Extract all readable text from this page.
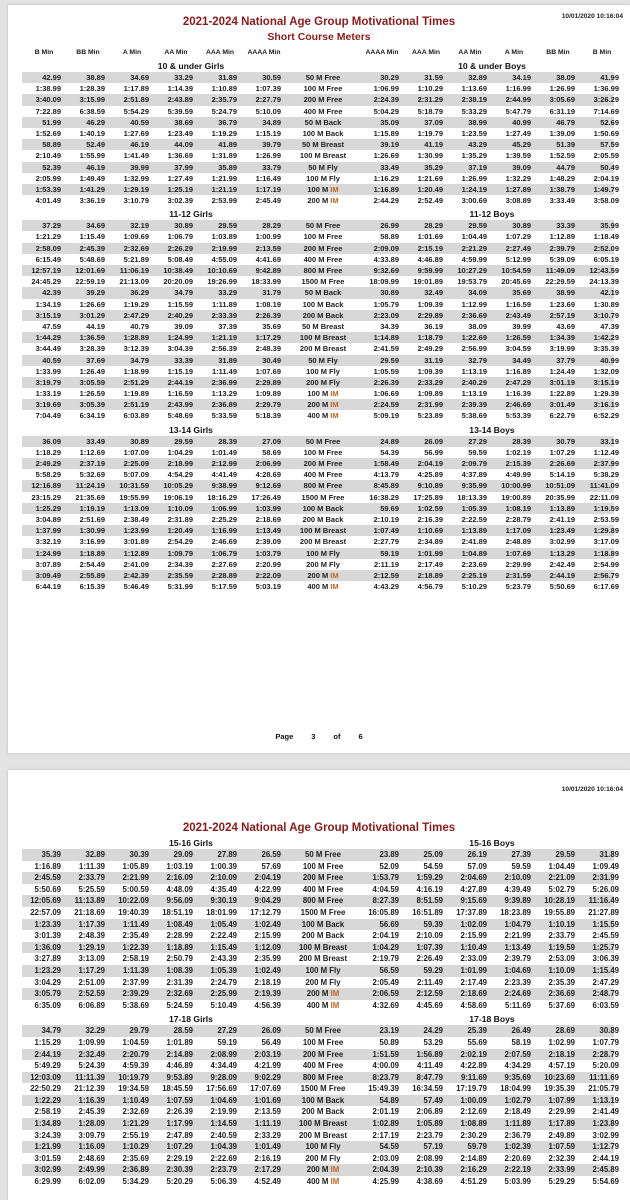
10/01/2020 10:16:04
2021-2024 National Age Group Motivational Times
Short Course Meters
B Min	BB Min	A Min	AA Min	AAA Min	AAAA Min	AAAA Min	AAA Min	AA Min	A Min	BB Min	B Min
10 & under Girls	10 & under Boys
42.99	38.89	34.69	33.29	31.89	30.59	50 M Free	30.29	31.59	32.89	34.19	38.09	41.99
1:38.99	1:28.39	1:17.89	1:14.39	1:10.89	1:07.39	100 M Free	1:06.99	1:10.29	1:13.69	1:16.99	1:26.99	1:36.99
3:40.09	3:15.99	2:51.89	2:43.89	2:35.79	2:27.79	200 M Free	2:24.39	2:31.29	2:38.19	2:44.99	3:05.69	3:26.29
7:22.89	6:38.59	5:54.29	5:39.59	5:24.79	5:10.09	400 M Free	5:04.29	5:18.79	5:33.29	5:47.79	6:31.19	7:14.69
51.99	46.29	40.59	38.69	36.79	34.89	50 M Back	35.09	37.09	38.99	40.99	46.79	52.69
1:52.69	1:40.19	1:27.69	1:23.49	1:19.29	1:15.19	100 M Back	1:15.89	1:19.79	1:23.59	1:27.49	1:39.09	1:50.69
58.89	52.49	46.19	44.09	41.89	39.79	50 M Breast	39.19	41.19	43.29	45.29	51.39	57.59
2:10.49	1:55.99	1:41.49	1:36.69	1:31.89	1:26.99	100 M Breast	1:26.69	1:30.99	1:35.29	1:39.59	1:52.59	2:05.59
52.39	46.19	39.99	37.99	35.89	33.79	50 M Fly	33.49	35.29	37.19	39.09	44.79	50.49
2:05.99	1:49.49	1:32.99	1:27.49	1:21.99	1:16.49	100 M Fly	1:16.29	1:21.69	1:26.99	1:32.29	1:48.29	2:04.19
1:53.39	1:41.29	1:29.19	1:25.19	1:21.19	1:17.19	100 M IM	1:16.89	1:20.49	1:24.19	1:27.89	1:38.79	1:49.79
4:01.49	3:36.19	3:10.79	3:02.39	2:53.99	2:45.49	200 M IM	2:44.29	2:52.49	3:00.69	3:08.89	3:33.49	3:58.09
11-12 Girls	11-12 Boys
37.29	34.69	32.19	30.89	29.59	28.29	50 M Free	26.99	28.29	29.59	30.89	33.39	35.99
1:21.29	1:15.49	1:09.69	1:06.79	1:03.89	1:00.99	100 M Free	58.89	1:01.69	1:04.49	1:07.29	1:12.89	1:18.49
2:58.09	2:45.39	2:32.69	2:26.29	2:19.99	2:13.59	200 M Free	2:09.09	2:15.19	2:21.29	2:27.49	2:39.79	2:52.09
6:15.49	5:48.69	5:21.89	5:08.49	4:55.09	4:41.69	400 M Free	4:33.89	4:46.89	4:59.99	5:12.99	5:39.09	6:05.19
12:57.19	12:01.69	11:06.19	10:38.49	10:10.69	9:42.89	800 M Free	9:32.69	9:59.99	10:27.29	10:54.59	11:49.09	12:43.59
24:45.29	22:59.19	21:13.09	20:20.09	19:26.99	18:33.99	1500 M Free	18:09.99	19:01.89	19:53.79	20:45.69	22:29.59	24:13.39
42.39	39.29	36.29	34.79	33.29	31.79	50 M Back	30.89	32.49	34.09	35.69	38.99	42.19
1:34.19	1:26.69	1:19.29	1:15.59	1:11.89	1:08.19	100 M Back	1:05.79	1:09.39	1:12.99	1:16.59	1:23.69	1:30.89
3:15.19	3:01.29	2:47.29	2:40.29	2:33.39	2:26.39	200 M Back	2:23.09	2:29.89	2:36.69	2:43.49	2:57.19	3:10.79
47.59	44.19	40.79	39.09	37.39	35.69	50 M Breast	34.39	36.19	38.09	39.99	43.69	47.39
1:44.29	1:36.59	1:28.89	1:24.99	1:21.19	1:17.29	100 M Breast	1:14.89	1:18.79	1:22.69	1:26.59	1:34.39	1:42.29
3:44.49	3:28.39	3:12.39	3:04.39	2:56.39	2:48.39	200 M Breast	2:41.59	2:49.29	2:56.99	3:04.59	3:19.99	3:35.39
40.59	37.69	34.79	33.39	31.89	30.49	50 M Fly	29.59	31.19	32.79	34.49	37.79	40.99
1:33.99	1:26.49	1:18.99	1:15.19	1:11.49	1:07.69	100 M Fly	1:05.59	1:09.39	1:13.19	1:16.89	1:24.49	1:32.09
3:19.79	3:05.59	2:51.29	2:44.19	2:36.99	2:29.89	200 M Fly	2:26.39	2:33.29	2:40.29	2:47.29	3:01.19	3:15.19
1:33.19	1:26.59	1:19.89	1:16.59	1:13.29	1:09.89	100 M IM	1:06.69	1:09.89	1:13.19	1:16.39	1:22.89	1:29.39
3:19.69	3:05.39	2:51.19	2:43.99	2:36.89	2:29.79	200 M IM	2:24.59	2:31.99	2:39.39	2:46.69	3:01.49	3:16.19
7:04.49	6:34.19	6:03.89	5:48.69	5:33.59	5:18.39	400 M IM	5:09.19	5:23.89	5:38.69	5:53.39	6:22.79	6:52.29
13-14 Girls	13-14 Boys
36.09	33.49	30.89	29.59	28.39	27.09	50 M Free	24.89	26.09	27.29	28.39	30.79	33.19
1:18.29	1:12.69	1:07.09	1:04.29	1:01.49	58.69	100 M Free	54.39	56.99	59.59	1:02.19	1:07.29	1:12.49
2:49.29	2:37.19	2:25.09	2:18.99	2:12.99	2:06.99	200 M Free	1:58.49	2:04.19	2:09.79	2:15.39	2:26.69	2:37.99
5:58.29	5:32.69	5:07.09	4:54.29	4:41.49	4:28.69	400 M Free	4:13.79	4:25.89	4:37.89	4:49.99	5:14.19	5:38.29
12:16.89	11:24.19	10:31.59	10:05.29	9:38.99	9:12.69	800 M Free	8:45.89	9:10.89	9:35.99	10:00.99	10:51.09	11:41.09
23:15.29	21:35.69	19:55.99	19:06.19	18:16.29	17:26.49	1500 M Free	16:38.29	17:25.89	18:13.39	19:00.89	20:35.99	22:11.09
1:25.29	1:19.19	1:13.09	1:10.09	1:06.99	1:03.99	100 M Back	59.69	1:02.59	1:05.39	1:08.19	1:13.89	1:19.59
3:04.89	2:51.69	2:38.49	2:31.89	2:25.29	2:18.69	200 M Back	2:10.19	2:16.39	2:22.59	2:28.79	2:41.19	2:53.59
1:37.99	1:30.99	1:23.99	1:20.49	1:16.99	1:13.49	100 M Breast	1:07.49	1:10.69	1:13.89	1:17.09	1:23.49	1:29.89
3:32.19	3:16.99	3:01.89	2:54.29	2:46.69	2:39.09	200 M Breast	2:27.79	2:34.89	2:41.89	2:48.89	3:02.99	3:17.09
1:24.99	1:18.89	1:12.89	1:09.79	1:06.79	1:03.79	100 M Fly	59.19	1:01.99	1:04.89	1:07.69	1:13.29	1:18.89
3:07.89	2:54.49	2:41.09	2:34.39	2:27.69	2:20.99	200 M Fly	2:11.19	2:17.49	2:23.69	2:29.99	2:42.49	2:54.99
3:09.49	2:55.89	2:42.39	2:35.59	2:28.89	2:22.09	200 M IM	2:12.59	2:18.89	2:25.19	2:31.59	2:44.19	2:56.79
6:44.19	6:15.39	5:46.49	5:31.99	5:17.59	5:03.19	400 M IM	4:43.29	4:56.79	5:10.29	5:23.79	5:50.69	6:17.69
Page 3 of 6
10/01/2020 10:16:04
2021-2024 National Age Group Motivational Times
15-16 Girls	15-16 Boys
35.39	32.89	30.39	29.09	27.89	26.59	50 M Free	23.89	25.09	26.19	27.39	29.59	31.89
1:16.89	1:11.39	1:05.89	1:03.19	1:00.39	57.69	100 M Free	52.09	54.59	57.09	59.59	1:04.49	1:09.49
2:45.59	2:33.79	2:21.99	2:16.09	2:10.09	2:04.19	200 M Free	1:53.79	1:59.29	2:04.69	2:10.09	2:21.09	2:31.99
5:50.69	5:25.59	5:00.59	4:48.09	4:35.49	4:22.99	400 M Free	4:04.59	4:16.19	4:27.89	4:39.49	5:02.79	5:26.09
12:05.69	11:13.89	10:22.09	9:56.09	9:30.19	9:04.29	800 M Free	8:27.39	8:51.59	9:15.69	9:39.89	10:28.19	11:16.49
22:57.09	21:18.69	19:40.39	18:51.19	18:01.99	17:12.79	1500 M Free	16:05.89	16:51.89	17:37.89	18:23.89	19:55.89	21:27.89
1:23.39	1:17.39	1:11.49	1:08.49	1:05.49	1:02.49	100 M Back	56.69	59.39	1:02.09	1:04.79	1:10.19	1:15.59
3:01.39	2:48.39	2:35.49	2:28.99	2:22.49	2:15.99	200 M Back	2:04.19	2:10.09	2:15.99	2:21.99	2:33.79	2:45.59
1:36.09	1:29.19	1:22.39	1:18.89	1:15.49	1:12.09	100 M Breast	1:04.29	1:07.39	1:10.49	1:13.49	1:19.59	1:25.79
3:27.89	3:13.09	2:58.19	2:50.79	2:43.39	2:35.99	200 M Breast	2:19.79	2:26.49	2:33.09	2:39.79	2:53.09	3:06.39
1:23.29	1:17.29	1:11.39	1:08.39	1:05.39	1:02.49	100 M Fly	56.59	59.29	1:01.99	1:04.69	1:10.09	1:15.49
3:04.29	2:51.09	2:37.99	2:31.39	2:24.79	2:18.19	200 M Fly	2:05.49	2:11.49	2:17.49	2:23.39	2:35.39	2:47.29
3:05.79	2:52.59	2:39.29	2:32.69	2:25.99	2:19.39	200 M IM	2:06.59	2:12.59	2:18.69	2:24.69	2:36.69	2:48.79
6:35.09	6:06.89	5:38.69	5:24.59	5:10.49	4:56.39	400 M IM	4:32.69	4:45.69	4:58.69	5:11.69	5:37.69	6:03.59
17-18 Girls	17-18 Boys
34.79	32.29	29.79	28.59	27.29	26.09	50 M Free	23.19	24.29	25.39	26.49	28.69	30.89
1:15.29	1:09.99	1:04.59	1:01.89	59.19	56.49	100 M Free	50.89	53.29	55.69	58.19	1:02.99	1:07.79
2:44.19	2:32.49	2:20.79	2:14.89	2:08.99	2:03.19	200 M Free	1:51.59	1:56.89	2:02.19	2:07.59	2:18.19	2:28.79
5:49.29	5:24.39	4:59.39	4:46.89	4:34.49	4:21.99	400 M Free	4:00.09	4:11.49	4:22.89	4:34.29	4:57.19	5:20.09
12:03.09	11:11.39	10:19.79	9:53.89	9:28.09	9:02.29	800 M Free	8:23.79	8:47.79	9:11.69	9:35.69	10:23.69	11:11.69
22:50.29	21:12.39	19:34.59	18:45.59	17:56.69	17:07.69	1500 M Free	15:49.39	16:34.59	17:19.79	18:04.99	19:35.39	21:05.79
1:22.29	1:16.39	1:10.49	1:07.59	1:04.69	1:01.69	100 M Back	54.89	57.49	1:00.09	1:02.79	1:07.99	1:13.19
2:58.19	2:45.39	2:32.69	2:26.39	2:19.99	2:13.59	200 M Back	2:01.19	2:06.89	2:12.69	2:18.49	2:29.99	2:41.49
1:34.89	1:28.09	1:21.29	1:17.99	1:14.59	1:11.19	100 M Breast	1:02.89	1:05.89	1:08.89	1:11.89	1:17.89	1:23.89
3:24.39	3:09.79	2:55.19	2:47.89	2:40.59	2:33.29	200 M Breast	2:17.19	2:23.79	2:30.29	2:36.79	2:49.89	3:02.99
1:21.99	1:16.09	1:10.29	1:07.29	1:04.39	1:01.49	100 M Fly	54.59	57.19	59.79	1:02.39	1:07.59	1:12.79
3:01.59	2:48.69	2:35.69	2:29.19	2:22.69	2:16.19	200 M Fly	2:03.09	2:08.99	2:14.89	2:20.69	2:32.39	2:44.19
3:02.99	2:49.99	2:36.89	2:30.39	2:23.79	2:17.29	200 M IM	2:04.39	2:10.39	2:16.29	2:22.19	2:33.99	2:45.89
6:29.99	6:02.09	5:34.29	5:20.29	5:06.39	4:52.49	400 M IM	4:25.99	4:38.69	4:51.29	5:03.99	5:29.29	5:54.69
